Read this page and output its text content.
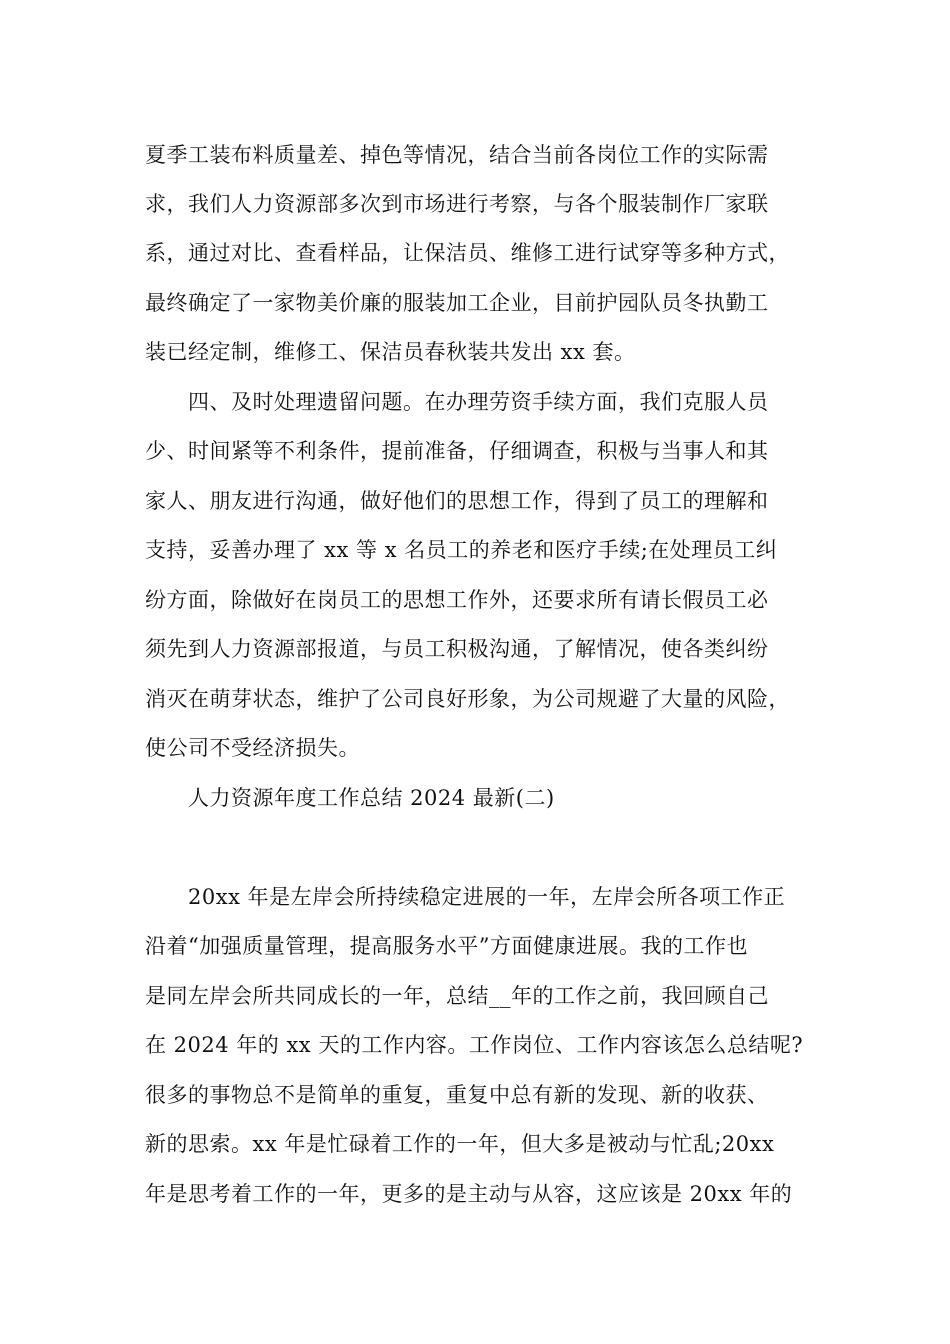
夏季工装布料质量差、掉色等情况，结合当前各岗位工作的实际需
求，我们人力资源部多次到市场进行考察，与各个服装制作厂家联
系，通过对比、查看样品，让保洁员、维修工进行试穿等多种方式，
最终确定了一家物美价廉的服装加工企业，目前护园队员冬执勤工
装已经定制，维修工、保洁员春秋装共发出 xx 套。
四、及时处理遗留问题。在办理劳资手续方面，我们克服人员
少、时间紧等不利条件，提前准备，仔细调查，积极与当事人和其
家人、朋友进行沟通，做好他们的思想工作，得到了员工的理解和
支持，妥善办理了 xx 等 x 名员工的养老和医疗手续;在处理员工纠
纷方面，除做好在岗员工的思想工作外，还要求所有请长假员工必
须先到人力资源部报道，与员工积极沟通，了解情况，使各类纠纷
消灭在萌芽状态，维护了公司良好形象，为公司规避了大量的风险，
使公司不受经济损失。
人力资源年度工作总结 2024 最新(二)
20xx 年是左岸会所持续稳定进展的一年，左岸会所各项工作正
沿着“加强质量管理，提高服务水平”方面健康进展。我的工作也
是同左岸会所共同成长的一年，总结__年的工作之前，我回顾自己
在 2024 年的 xx 天的工作内容。工作岗位、工作内容该怎么总结呢?
很多的事物总不是简单的重复，重复中总有新的发现、新的收获、
新的思索。xx 年是忙碌着工作的一年，但大多是被动与忙乱;20xx
年是思考着工作的一年，更多的是主动与从容，这应该是 20xx 年的
